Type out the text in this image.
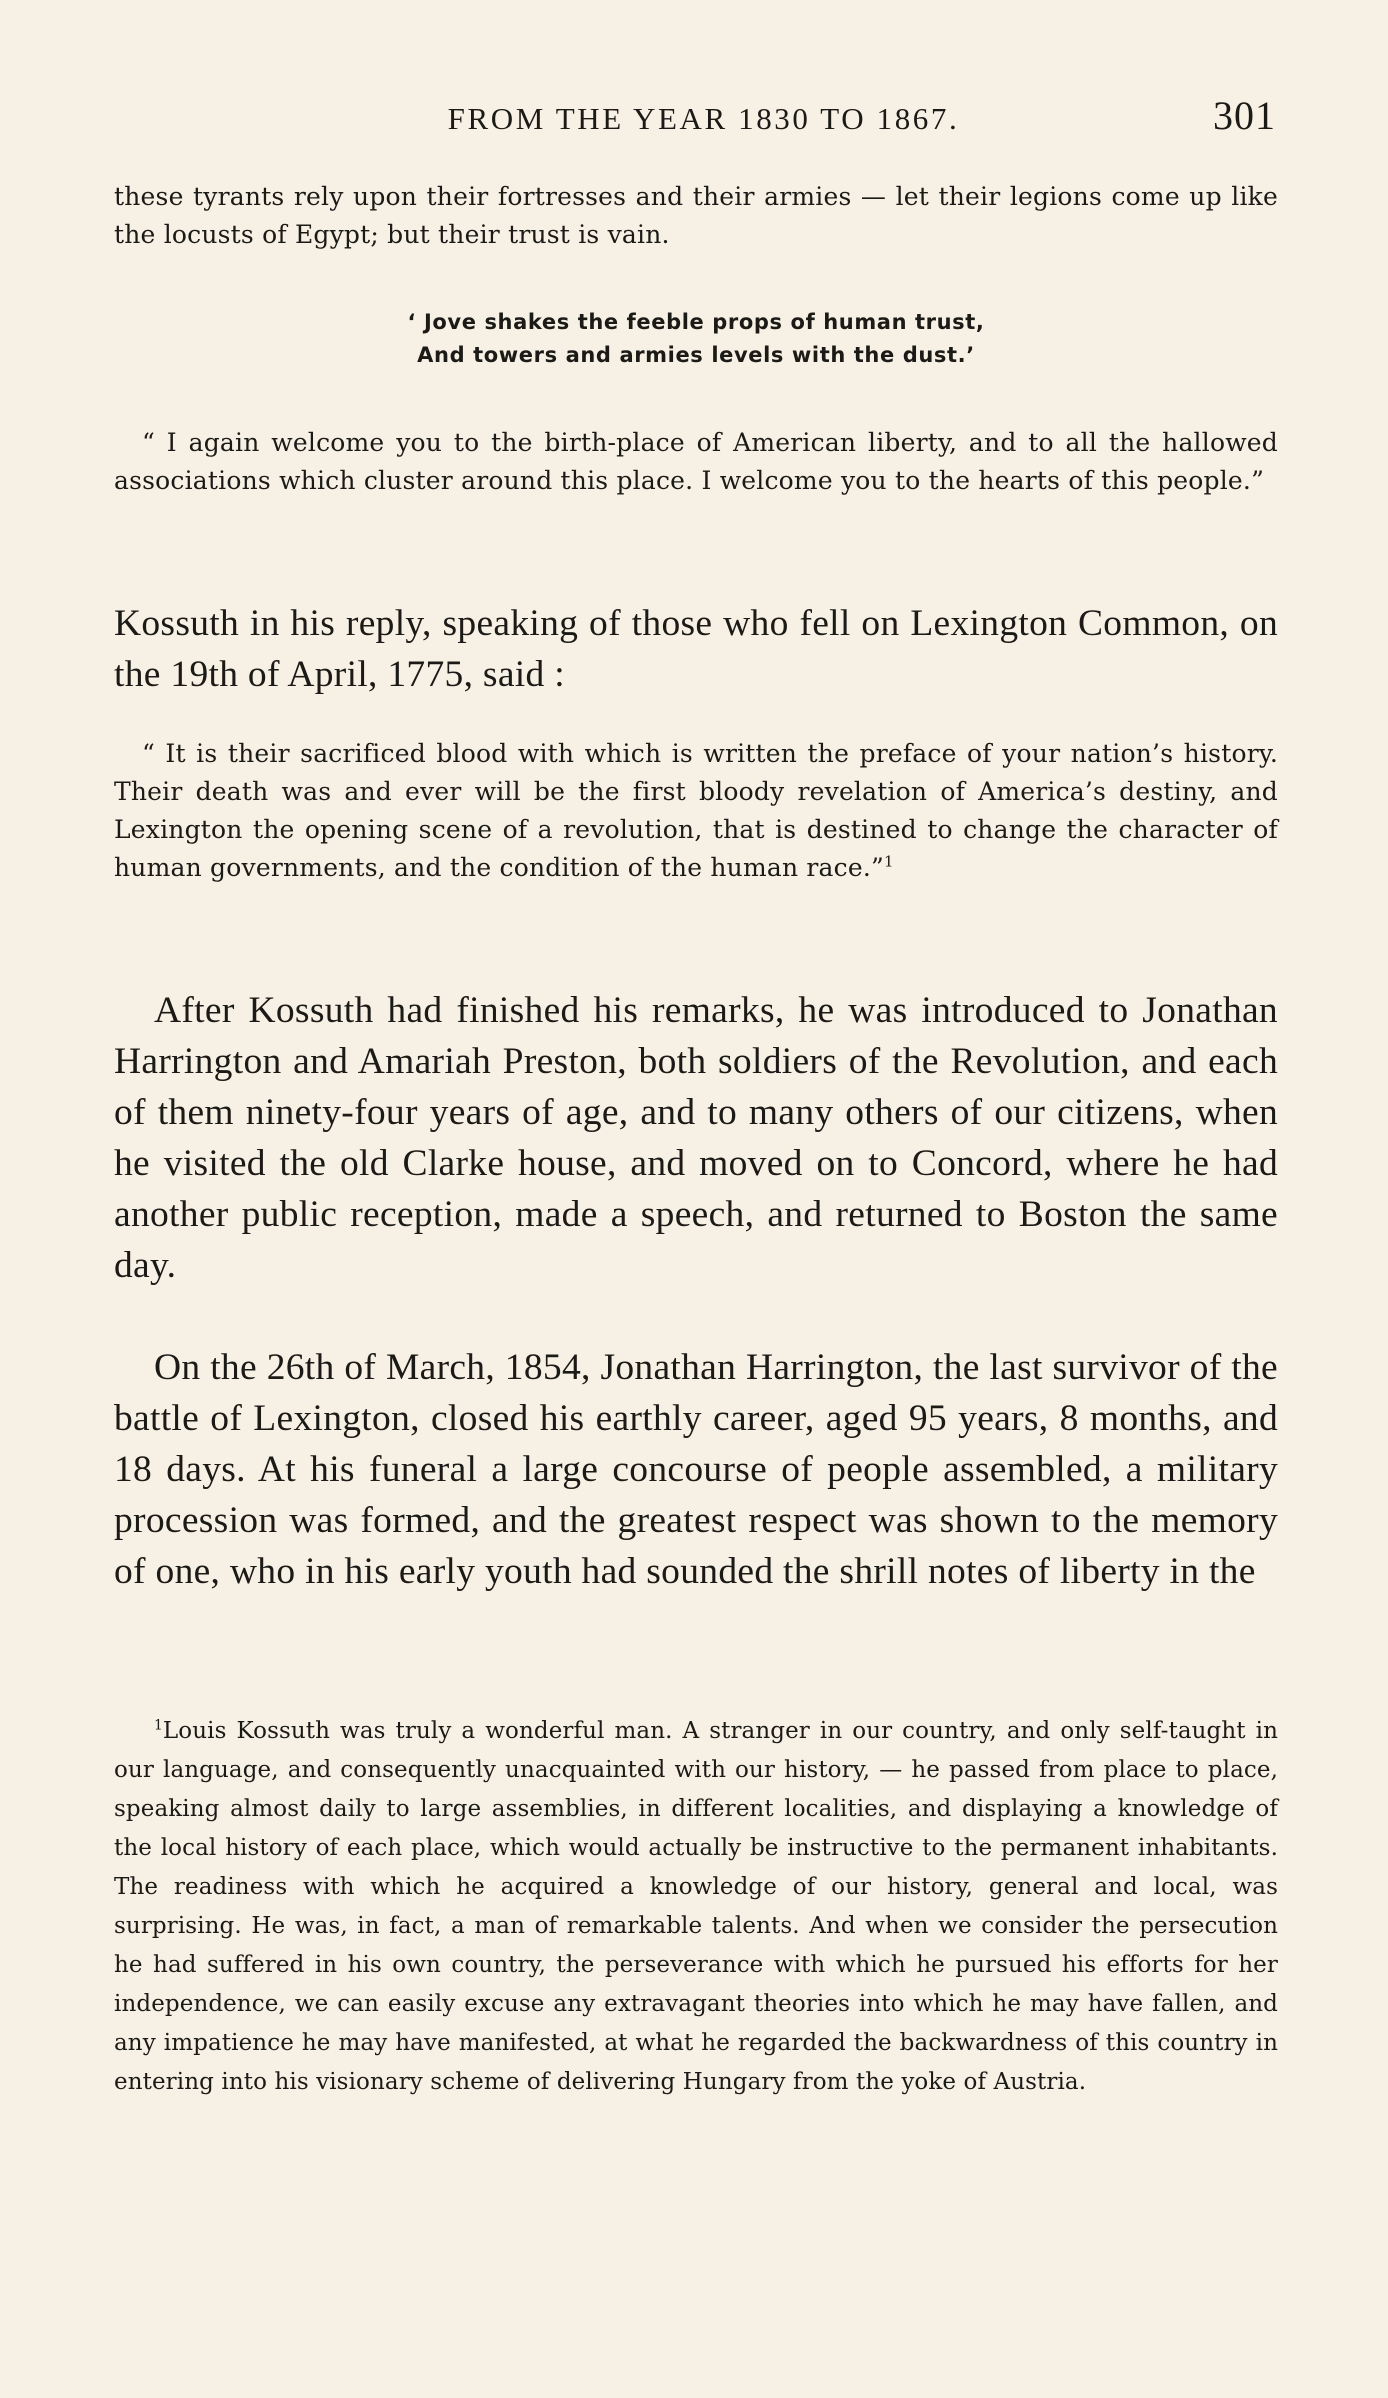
FROM THE YEAR 1830 TO 1867.	301

these tyrants rely upon their fortresses and their armies — let their legions come up like the locusts of Egypt; but their trust is vain.

‘ Jove shakes the feeble props of human trust,
And towers and armies levels with the dust.’

“ I again welcome you to the birth-place of American liberty, and to all the hallowed associations which cluster around this place. I welcome you to the hearts of this people.”

Kossuth in his reply, speaking of those who fell on Lexington Common, on the 19th of April, 1775, said :

“ It is their sacrificed blood with which is written the preface of your nation’s history. Their death was and ever will be the first bloody revelation of America’s destiny, and Lexington the opening scene of a revolution, that is destined to change the character of human governments, and the condition of the human race.”$^1$

After Kossuth had finished his remarks, he was introduced to Jonathan Harrington and Amariah Preston, both soldiers of the Revolution, and each of them ninety-four years of age, and to many others of our citizens, when he visited the old Clarke house, and moved on to Concord, where he had another public reception, made a speech, and returned to Boston the same day.

On the 26th of March, 1854, Jonathan Harrington, the last survivor of the battle of Lexington, closed his earthly career, aged 95 years, 8 months, and 18 days. At his funeral a large concourse of people assembled, a military procession was formed, and the greatest respect was shown to the memory of one, who in his early youth had sounded the shrill notes of liberty in the

$^1$Louis Kossuth was truly a wonderful man. A stranger in our country, and only self-taught in our language, and consequently unacquainted with our history, — he passed from place to place, speaking almost daily to large assemblies, in different localities, and displaying a knowledge of the local history of each place, which would actually be instructive to the permanent inhabitants. The readiness with which he acquired a knowledge of our history, general and local, was surprising. He was, in fact, a man of remarkable talents. And when we consider the persecution he had suffered in his own country, the perseverance with which he pursued his efforts for her independence, we can easily excuse any extravagant theories into which he may have fallen, and any impatience he may have manifested, at what he regarded the backwardness of this country in entering into his visionary scheme of delivering Hungary from the yoke of Austria.
